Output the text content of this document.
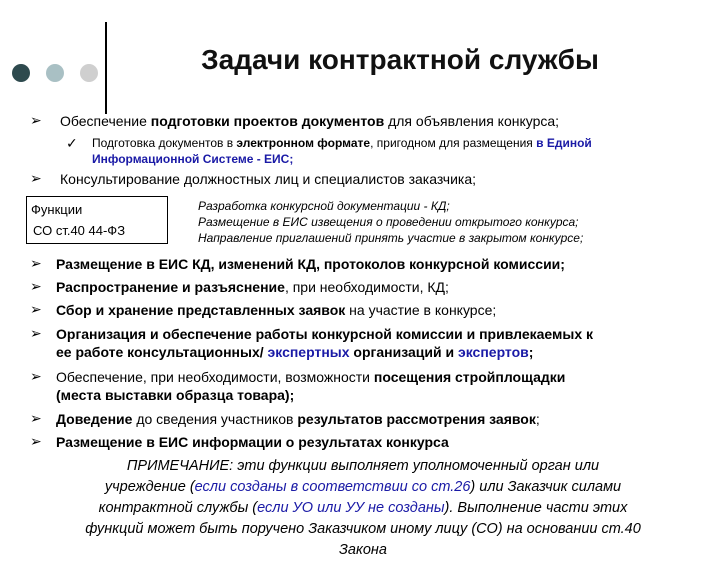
Задачи контрактной службы
➢ Обеспечение подготовки проектов документов для объявления конкурса;
✓ Подготовка документов в электронном формате, пригодном для размещения в Единой
Информационной Системе - ЕИС;
➢ Консультирование должностных лиц и специалистов заказчика;
Функции
СО ст.40 44-ФЗ
Разработка конкурсной документации - КД;
Размещение в ЕИС извещения о проведении открытого конкурса;
Направление приглашений принять участие в закрытом конкурсе;
➢ Размещение в ЕИС КД, изменений КД, протоколов конкурсной комиссии;
➢ Распространение и разъяснение, при необходимости, КД;
➢ Сбор и хранение представленных заявок на участие в конкурсе;
➢ Организация и обеспечение работы конкурсной комиссии и привлекаемых к
ее работе консультационных/ экспертных организаций и экспертов;
➢ Обеспечение, при необходимости, возможности посещения стройплощадки
(места выставки образца товара);
➢ Доведение до сведения участников результатов рассмотрения заявок;
➢ Размещение в ЕИС информации о результатах конкурса
ПРИМЕЧАНИЕ: эти функции выполняет уполномоченный орган или
учреждение (если созданы в соответствии со ст.26) или Заказчик силами
контрактной службы (если УО или УУ не созданы). Выполнение части этих
функций может быть поручено Заказчиком иному лицу (СО) на основании ст.40
Закона
